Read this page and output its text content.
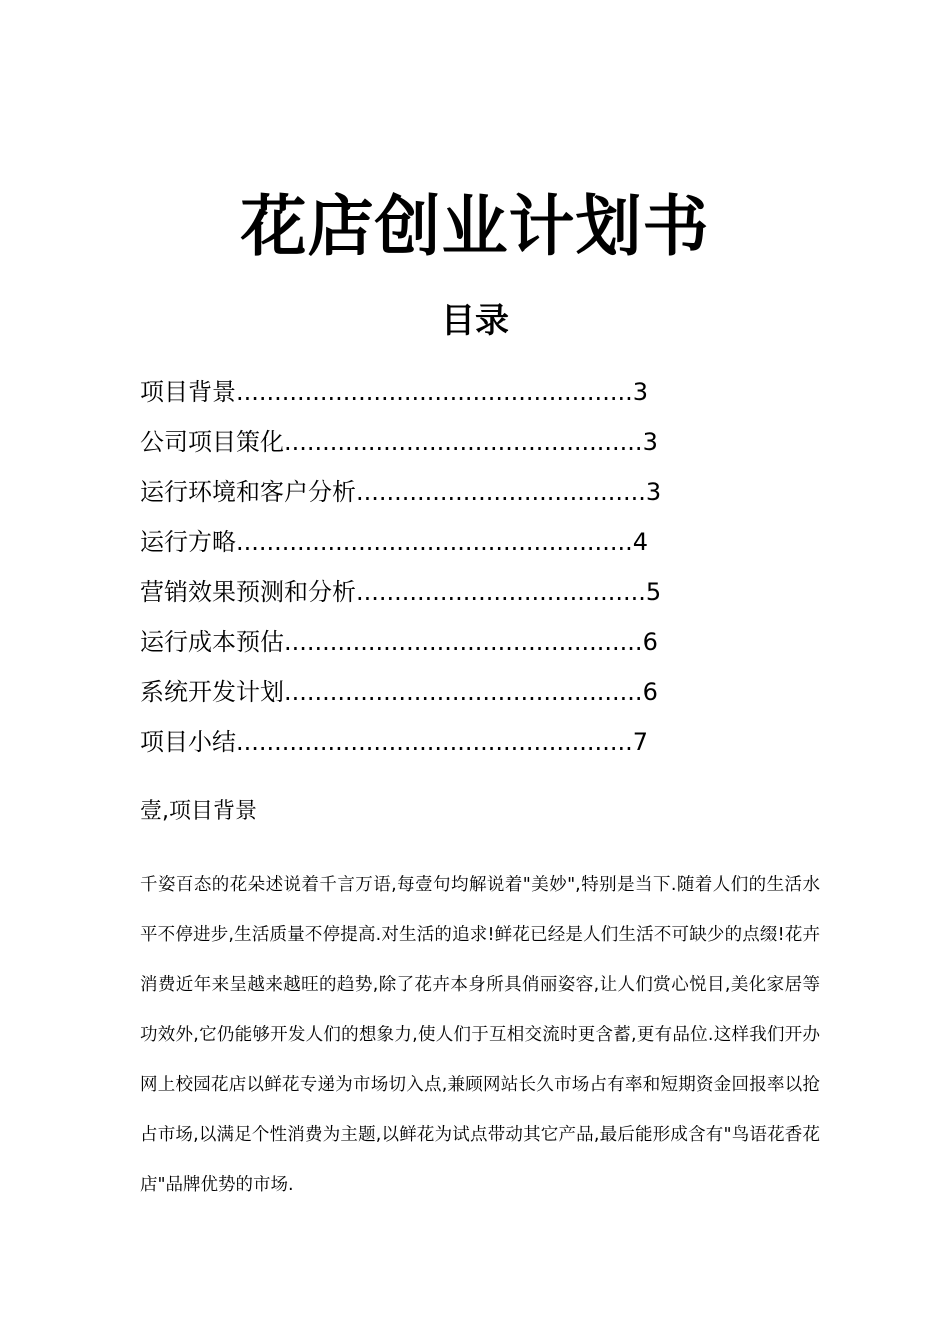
花店创业计划书
目录
项目背景....................................................3
公司项目策化...............................................3
运行环境和客户分析......................................3
运行方略....................................................4
营销效果预测和分析......................................5
运行成本预估...............................................6
系统开发计划...............................................6
项目小结....................................................7
壹,项目背景

千姿百态的花朵述说着千言万语,每壹句均解说着"美妙",特别是当下.随着人们的生活水平不停进步,生活质量不停提高.对生活的追求!鲜花已经是人们生活不可缺少的点缀!花卉消费近年来呈越来越旺的趋势,除了花卉本身所具俏丽姿容,让人们赏心悦目,美化家居等功效外,它仍能够开发人们的想象力,使人们于互相交流时更含蓄,更有品位.这样我们开办网上校园花店以鲜花专递为市场切入点,兼顾网站长久市场占有率和短期资金回报率以抢占市场,以满足个性消费为主题,以鲜花为试点带动其它产品,最后能形成含有"鸟语花香花店"品牌优势的市场.
